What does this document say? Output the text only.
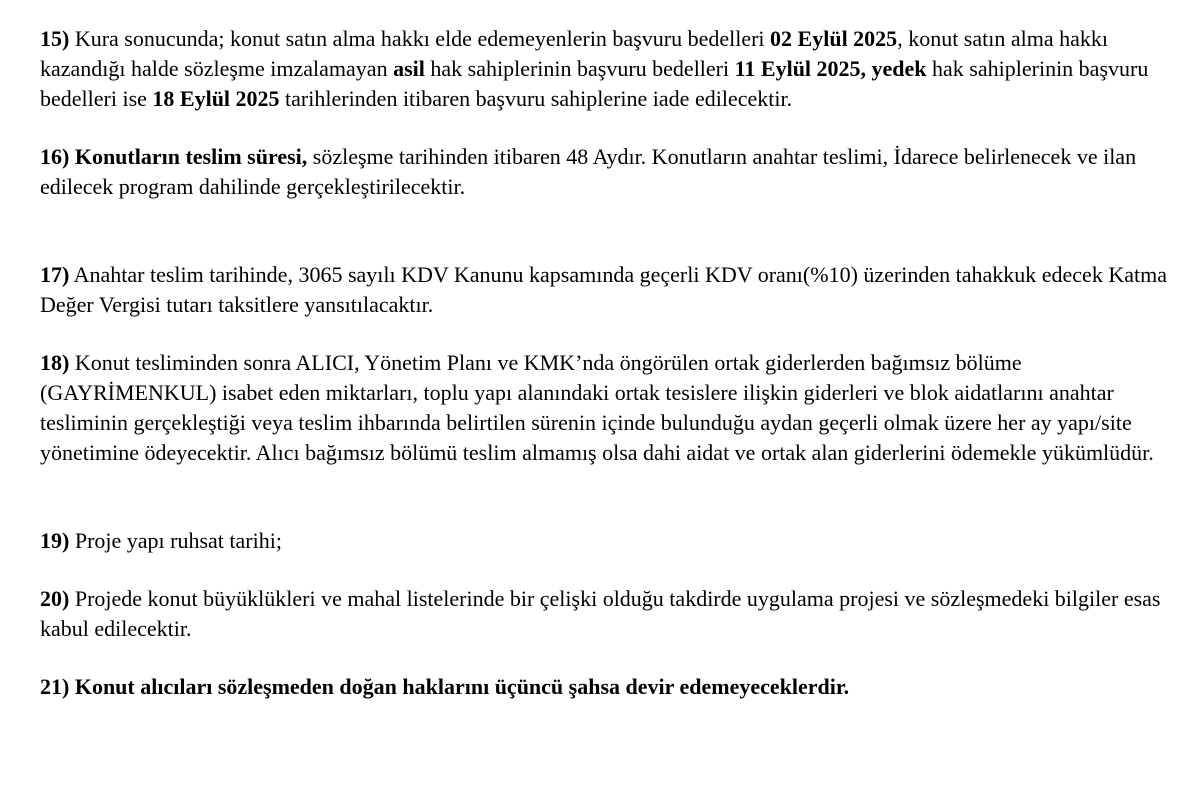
15) Kura sonucunda; konut satın alma hakkı elde edemeyenlerin başvuru bedelleri 02 Eylül 2025, konut satın alma hakkı kazandığı halde sözleşme imzalamayan asil hak sahiplerinin başvuru bedelleri 11 Eylül 2025, yedek hak sahiplerinin başvuru bedelleri ise 18 Eylül 2025 tarihlerinden itibaren başvuru sahiplerine iade edilecektir.

16) Konutların teslim süresi, sözleşme tarihinden itibaren 48 Aydır. Konutların anahtar teslimi, İdarece belirlenecek ve ilan edilecek program dahilinde gerçekleştirilecektir.

17) Anahtar teslim tarihinde, 3065 sayılı KDV Kanunu kapsamında geçerli KDV oranı(%10) üzerinden tahakkuk edecek Katma Değer Vergisi tutarı taksitlere yansıtılacaktır.

18) Konut tesliminden sonra ALICI, Yönetim Planı ve KMK’nda öngörülen ortak giderlerden bağımsız bölüme (GAYRİMENKUL) isabet eden miktarları, toplu yapı alanındaki ortak tesislere ilişkin giderleri ve blok aidatlarını anahtar tesliminin gerçekleştiği veya teslim ihbarında belirtilen sürenin içinde bulunduğu aydan geçerli olmak üzere her ay yapı/site yönetimine ödeyecektir. Alıcı bağımsız bölümü teslim almamış olsa dahi aidat ve ortak alan giderlerini ödemekle yükümlüdür.

19) Proje yapı ruhsat tarihi;

20) Projede konut büyüklükleri ve mahal listelerinde bir çelişki olduğu takdirde uygulama projesi ve sözleşmedeki bilgiler esas kabul edilecektir.

21) Konut alıcıları sözleşmeden doğan haklarını üçüncü şahsa devir edemeyeceklerdir.
